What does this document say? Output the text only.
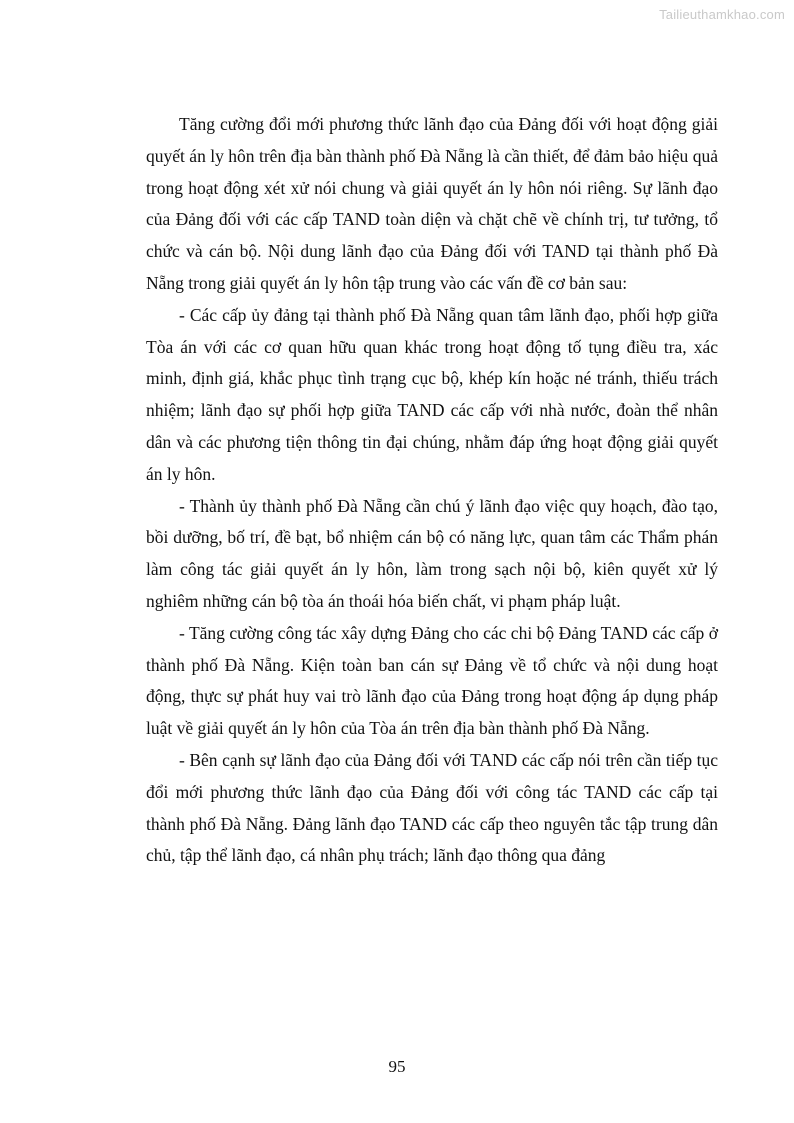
Tailieuthamkhao.com

Tăng cường đổi mới phương thức lãnh đạo của Đảng đối với hoạt động giải quyết án ly hôn trên địa bàn thành phố Đà Nẵng là cần thiết, để đảm bảo hiệu quả trong hoạt động xét xử nói chung và giải quyết án ly hôn nói riêng. Sự lãnh đạo của Đảng đối với các cấp TAND toàn diện và chặt chẽ về chính trị, tư tưởng, tổ chức và cán bộ. Nội dung lãnh đạo của Đảng đối với TAND tại thành phố Đà Nẵng trong giải quyết án ly hôn tập trung vào các vấn đề cơ bản sau:

- Các cấp ủy đảng tại thành phố Đà Nẵng quan tâm lãnh đạo, phối hợp giữa Tòa án với các cơ quan hữu quan khác trong hoạt động tố tụng điều tra, xác minh, định giá, khắc phục tình trạng cục bộ, khép kín hoặc né tránh, thiếu trách nhiệm; lãnh đạo sự phối hợp giữa TAND các cấp với nhà nước, đoàn thể nhân dân và các phương tiện thông tin đại chúng, nhằm đáp ứng hoạt động giải quyết án ly hôn.

- Thành ủy thành phố Đà Nẵng cần chú ý lãnh đạo việc quy hoạch, đào tạo, bồi dưỡng, bố trí, đề bạt, bổ nhiệm cán bộ có năng lực, quan tâm các Thẩm phán làm công tác giải quyết án ly hôn, làm trong sạch nội bộ, kiên quyết xử lý nghiêm những cán bộ tòa án thoái hóa biến chất, vi phạm pháp luật.

- Tăng cường công tác xây dựng Đảng cho các chi bộ Đảng TAND các cấp ở thành phố Đà Nẵng. Kiện toàn ban cán sự Đảng về tổ chức và nội dung hoạt động, thực sự phát huy vai trò lãnh đạo của Đảng trong hoạt động áp dụng pháp luật về giải quyết án ly hôn của Tòa án trên địa bàn thành phố Đà Nẵng.

- Bên cạnh sự lãnh đạo của Đảng đối với TAND các cấp nói trên cần tiếp tục đổi mới phương thức lãnh đạo của Đảng đối với công tác TAND các cấp tại thành phố Đà Nẵng. Đảng lãnh đạo TAND các cấp theo nguyên tắc tập trung dân chủ, tập thể lãnh đạo, cá nhân phụ trách; lãnh đạo thông qua đảng

95
